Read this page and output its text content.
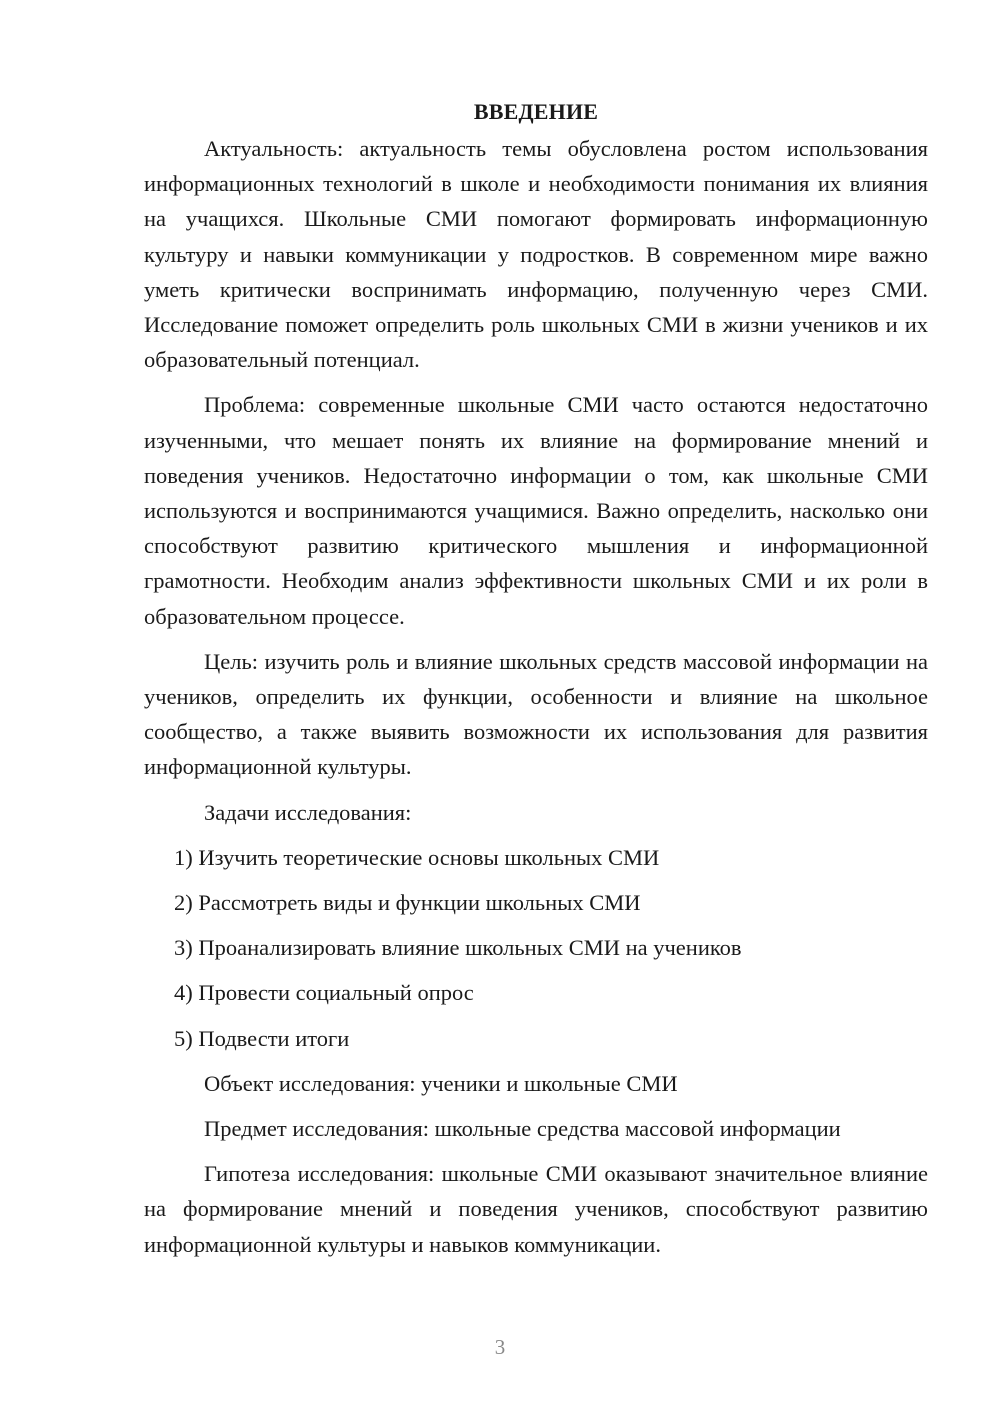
ВВЕДЕНИЕ

Актуальность: актуальность темы обусловлена ростом использования информационных технологий в школе и необходимости понимания их влияния на учащихся. Школьные СМИ помогают формировать информационную культуру и навыки коммуникации у подростков. В современном мире важно уметь критически воспринимать информацию, полученную через СМИ. Исследование поможет определить роль школьных СМИ в жизни учеников и их образовательный потенциал.

Проблема: современные школьные СМИ часто остаются недостаточно изученными, что мешает понять их влияние на формирование мнений и поведения учеников. Недостаточно информации о том, как школьные СМИ используются и воспринимаются учащимися. Важно определить, насколько они способствуют развитию критического мышления и информационной грамотности. Необходим анализ эффективности школьных СМИ и их роли в образовательном процессе.

Цель: изучить роль и влияние школьных средств массовой информации на учеников, определить их функции, особенности и влияние на школьное сообщество, а также выявить возможности их использования для развития информационной культуры.

Задачи исследования:

1) Изучить теоретические основы школьных СМИ

2) Рассмотреть виды и функции школьных СМИ

3) Проанализировать влияние школьных СМИ на учеников

4) Провести социальный опрос

5) Подвести итоги

Объект исследования: ученики и школьные СМИ

Предмет исследования: школьные средства массовой информации

Гипотеза исследования: школьные СМИ оказывают значительное влияние на формирование мнений и поведения учеников, способствуют развитию информационной культуры и навыков коммуникации.

3
